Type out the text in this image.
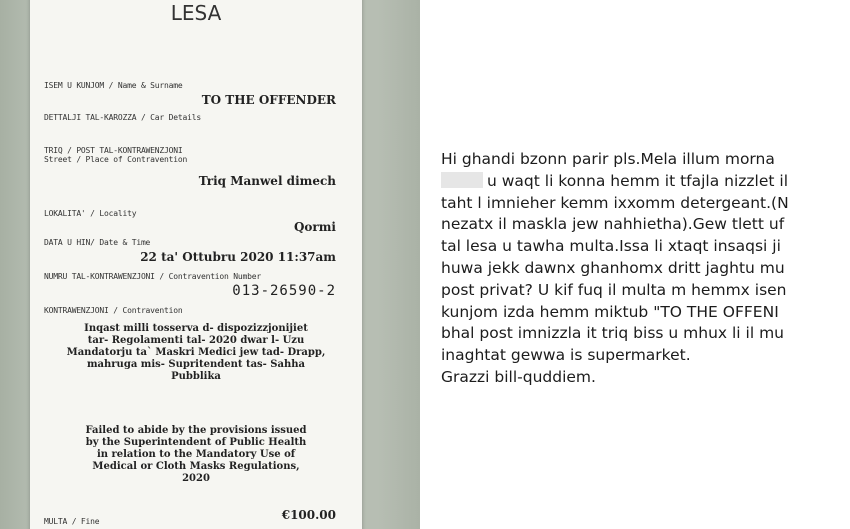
LESA
ISEM U KUNJOM / Name & Surname
TO THE OFFENDER
DETTALJI TAL-KAROZZA / Car Details
TRIQ / POST TAL-KONTRAWENZJONI
Street / Place of Contravention
Triq Manwel dimech
LOKALITA' / Locality
Qormi
DATA U HIN/ Date & Time
22 ta' Ottubru 2020 11:37am
NUMRU TAL-KONTRAWENZJONI / Contravention Number
013-26590-2
KONTRAWENZJONI / Contravention
Inqast milli tosserva d- dispozizzjonijiet
tar- Regolamenti tal- 2020 dwar l- Uzu
Mandatorju ta` Maskri Medici jew tad- Drapp,
mahruga mis- Supritendent tas- Sahha
Pubblika
Failed to abide by the provisions issued
by the Superintendent of Public Health
in relation to the Mandatory Use of
Medical or Cloth Masks Regulations,
2020
MULTA / Fine	€100.00
Hi ghandi bzonn parir pls.Mela illum morna
u waqt li konna hemm it tfajla nizzlet il
taht l imnieher kemm ixxomm detergeant.(N
nezatx il maskla jew nahhietha).Gew tlett uf
tal lesa u tawha multa.Issa li xtaqt insaqsi ji
huwa jekk dawnx ghanhomx dritt jaghtu mu
post privat? U kif fuq il multa m hemmx isen
kunjom izda hemm miktub "TO THE OFFENI
bhal post imnizzla it triq biss u mhux li il mu
inaghtat gewwa is supermarket.
Grazzi bill-quddiem.
